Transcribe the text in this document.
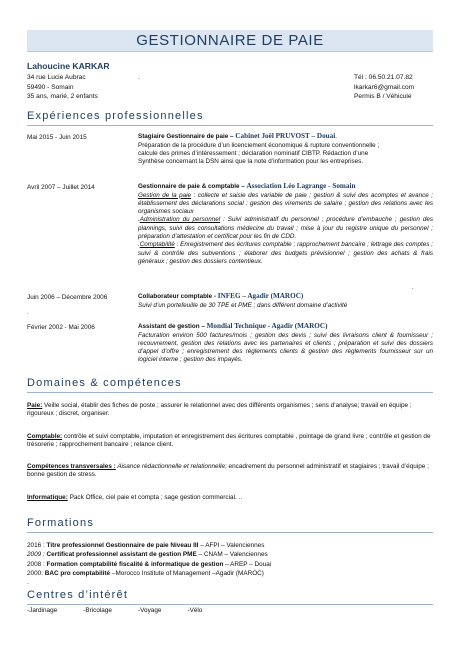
GESTIONNAIRE DE PAIE
Lahoucine KARKAR
34 rue Lucie Aubrac
59490 - Somain
35 ans, marié, 2 enfants
.	Tél : 06.50.21.07.82
lkarkar6@gmail.com
Permis B / Véhicule
Expériences professionnelles
Mai 2015 - Juin 2015	Stagiaire Gestionnaire de paie – Cabinet Joël PRUVOST – Douai.
Préparation de la procédure d’un licenciement économique & rupture conventionnelle ;
calcule des primes d’intéressement ; déclaration nominatif CIBTP. Rédaction d’une
Synthèse concernant la DSN ainsi que la note d’information pour les entreprises.
Avril 2007 – Juillet 2014	Gestionnaire de paie & comptable – Association Léo Lagrange - Somain
Gestion de la paie : collecte et saisie des variable de paie ; gestion & suivi des acomptes et avance ; établissement des déclarations social ; gestion des virements de salaire ; gestion des relations avec les organismes sociaux
.Administration du personnel : Suivi administratif du personnel ; procédure d’embauche ; gestion des plannings, suivi des consultations médecine du travail ; mise à jour du registre unique du personnel ; préparation d’attestation et certificat pour les fin de CDD.
.Comptabilité : Enregistrement des écritures comptable ; rapprochement bancaire ; lettrage des comptes ; suivi & contrôle des subventions ; élaborer des budgets prévisionnel ; gestion des achats & frais généraux ; gestion des dossiers contentieux.
.
Juin 2006 – Décembre 2006	Collaborateur comptable - INFEG – Agadir (MAROC)
Suivi d’un portefeuille de 30 TPE et PME ; dans différent domaine d’activité
.
Février 2002 - Mai 2006	Assistant de gestion – Mondial Technique - Agadir (MAROC)
Facturation environ 500 factures/mois ; gestion des devis ; suivi des livraisons client & fournisseur ; recouvrement, gestion des relations avec les partenaires et clients ; préparation et suivi des dossiers d’appel d’offre ; enregistrement des règlements clients & gestion des règlements fournisseur sur un logiciel interne ; gestion des impayés.
Domaines & compétences
Paie: Veille social, établir des fiches de poste ; assurer le relationnel avec des différents organismes ; sens d’analyse; travail en équipe ; rigoureux ; discret, organiser.
Comptable: contrôle et suivi comptable, imputation et enregistrement des écritures comptable , pointage de grand livre ; contrôle et gestion de trésorerie ; rapprochement bancaire ; relance client.
Compétences transversales : Aisance rédactionnelle et relationnelle; encadrement du personnel administratif et stagiaires ; travail d’équipe ; bonne gestion de stress.
Informatique: Pack Office, ciel paie et compta ; sage gestion commercial. ..
Formations
2016 : Titre professionnel Gestionnaire de paie Niveau III – AFPI – Valenciennes
2009 : Certificat professionnel assistant de gestion PME – CNAM – Valenciennes
2008 : Formation comptabilité fiscalité & informatique de gestion – AREP – Douai
2000: BAC pro comptabilité –Morocco Institute of Management –Agadir (MAROC)
.
Centres d’intérêt
-Jardinage	-Bricolage	-Voyage	-Vélo
